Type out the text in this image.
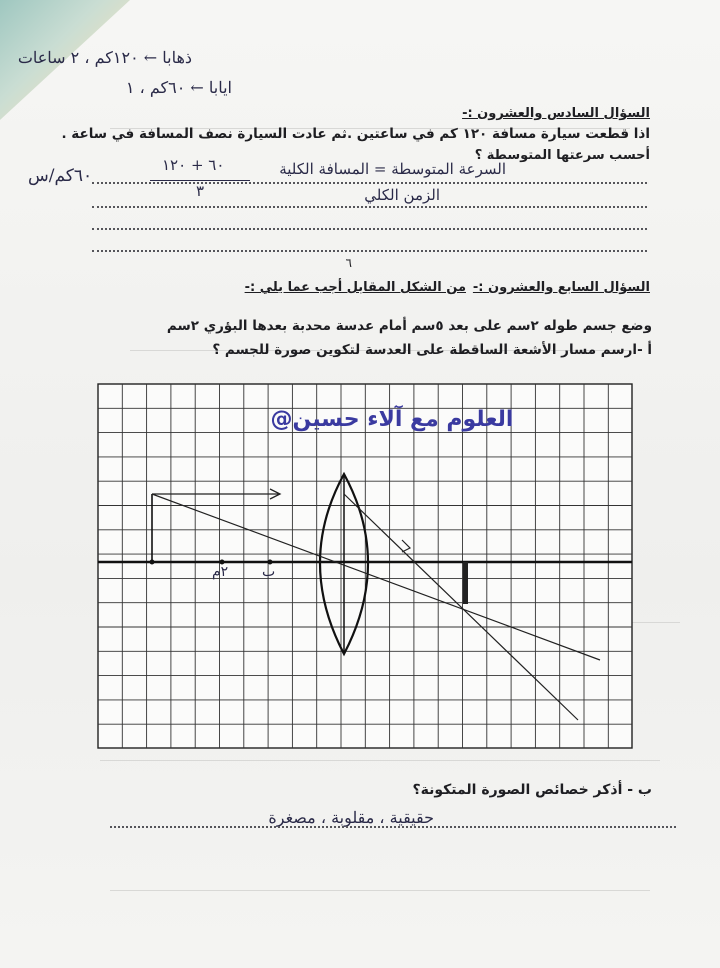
ذهابا ← ١٢٠كم ، ٢ ساعات
ايابا ← ٦٠كم ، ١
السؤال السادس والعشرون :-
اذا قطعت سيارة مسافة ١٢٠ كم في ساعتين .ثم عادت السيارة نصف المسافة في ساعة .
أحسب سرعتها المتوسطة ؟
٦٠كم/س
٦٠ + ١٢٠
٣
السرعة المتوسطة = المسافة الكلية
الزمن الكلي
٦
السؤال السابع والعشرون :-
من الشكل المقابل أجب عما يلي :-
وضع جسم طوله ٢سم على بعد ٥سم أمام عدسة محدبة بعدها البؤري ٢سم
أ -ارسم مسار الأشعة الساقطة على العدسة لتكوين صورة للجسم ؟
@العلوم مع آلاء حسين
ب
٢م
ب - أذكر خصائص الصورة المتكونة؟
حقيقية ، مقلوبة ، مصغرة
